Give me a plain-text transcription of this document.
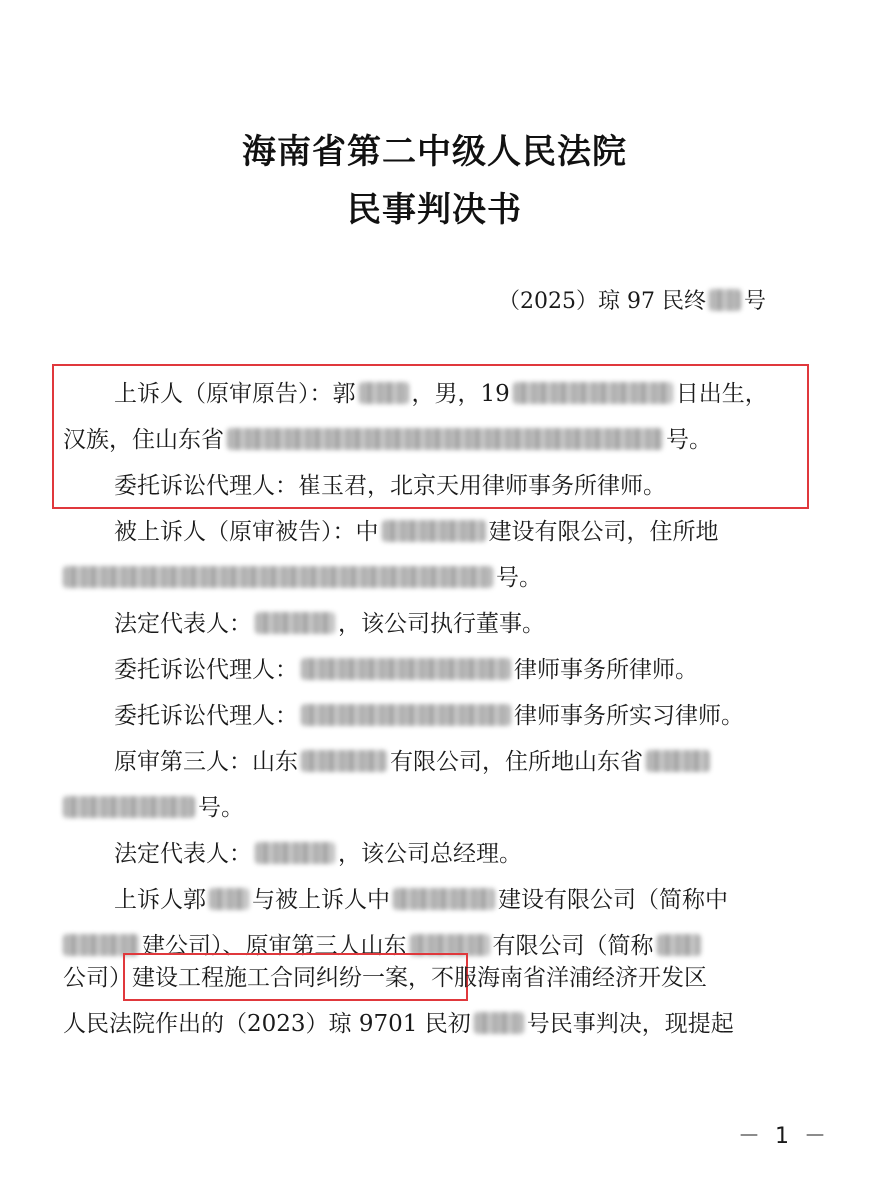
海南省第二中级人民法院
民事判决书
（2025）琼 97 民终 号
上诉人（原审原告）：郭 ，男，19	日出生，
汉族，住山东省	号。
委托诉讼代理人：崔玉君，北京天用律师事务所律师。
被上诉人（原审被告）：中	建设有限公司，住所地
号。
法定代表人：	，该公司执行董事。
委托诉讼代理人：	律师事务所律师。
委托诉讼代理人：	律师事务所实习律师。
原审第三人：山东	有限公司，住所地山东省
号。
法定代表人：	，该公司总经理。
上诉人郭 与被上诉人中	建设有限公司（简称中
建公司）、原审第三人山东	有限公司（简称
公司）建设工程施工合同纠纷一案，不服海南省洋浦经济开发区
人民法院作出的（2023）琼 9701 民初 号民事判决，现提起
－ 1 －
